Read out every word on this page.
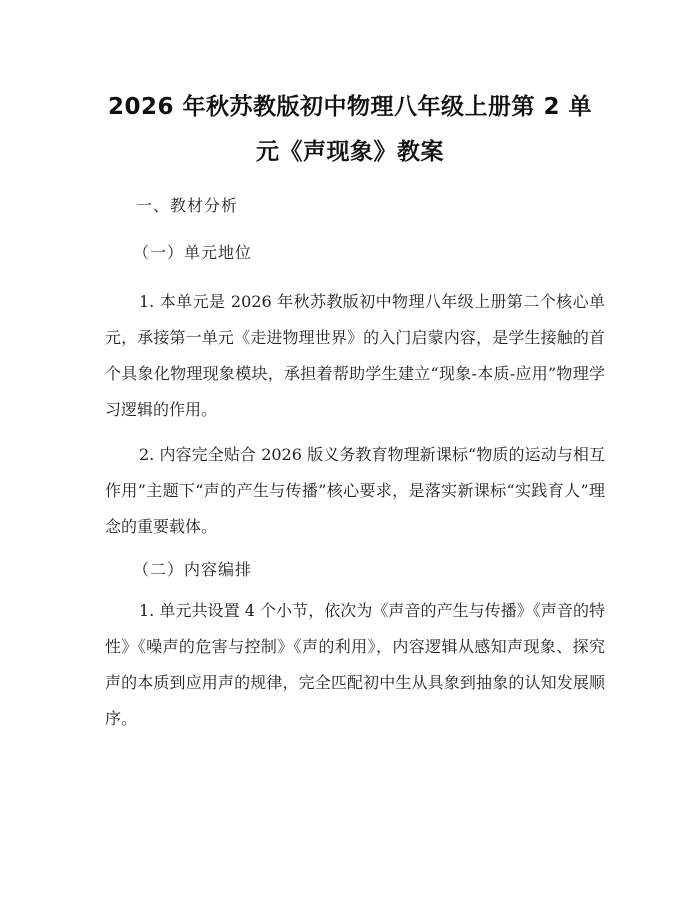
2026 年秋苏教版初中物理八年级上册第 2 单
元《声现象》教案
一、教材分析
（一）单元地位

1. 本单元是 2026 年秋苏教版初中物理八年级上册第二个核心单元，承接第一单元《走进物理世界》的入门启蒙内容，是学生接触的首个具象化物理现象模块，承担着帮助学生建立“现象-本质-应用”物理学习逻辑的作用。

2. 内容完全贴合 2026 版义务教育物理新课标“物质的运动与相互作用”主题下“声的产生与传播”核心要求，是落实新课标“实践育人”理念的重要载体。

（二）内容编排

1. 单元共设置 4 个小节，依次为《声音的产生与传播》《声音的特性》《噪声的危害与控制》《声的利用》，内容逻辑从感知声现象、探究声的本质到应用声的规律，完全匹配初中生从具象到抽象的认知发展顺序。
